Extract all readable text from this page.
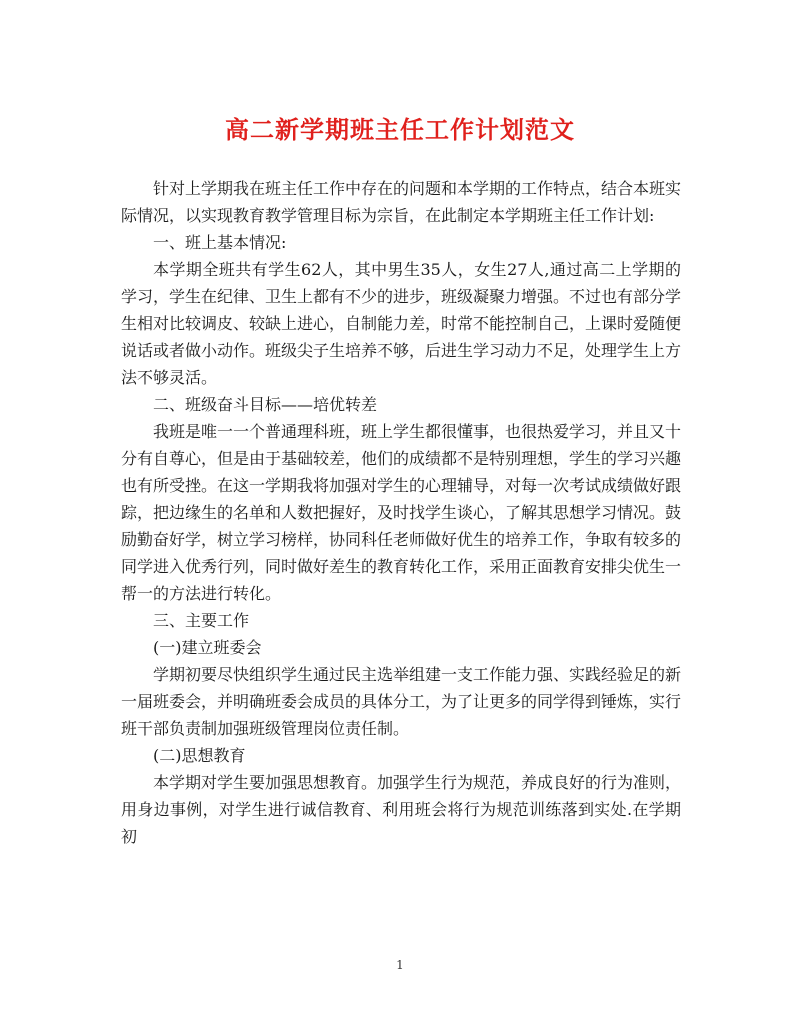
高二新学期班主任工作计划范文

针对上学期我在班主任工作中存在的问题和本学期的工作特点，结合本班实际情况，以实现教育教学管理目标为宗旨，在此制定本学期班主任工作计划:

一、班上基本情况:

本学期全班共有学生62人，其中男生35人，女生27人,通过高二上学期的学习，学生在纪律、卫生上都有不少的进步，班级凝聚力增强。不过也有部分学生相对比较调皮、较缺上进心，自制能力差，时常不能控制自己，上课时爱随便说话或者做小动作。班级尖子生培养不够，后进生学习动力不足，处理学生上方法不够灵活。

二、班级奋斗目标——培优转差

我班是唯一一个普通理科班，班上学生都很懂事，也很热爱学习，并且又十分有自尊心，但是由于基础较差，他们的成绩都不是特别理想，学生的学习兴趣也有所受挫。在这一学期我将加强对学生的心理辅导，对每一次考试成绩做好跟踪，把边缘生的名单和人数把握好，及时找学生谈心，了解其思想学习情况。鼓励勤奋好学，树立学习榜样，协同科任老师做好优生的培养工作，争取有较多的同学进入优秀行列，同时做好差生的教育转化工作，采用正面教育安排尖优生一帮一的方法进行转化。

三、主要工作

(一)建立班委会

学期初要尽快组织学生通过民主选举组建一支工作能力强、实践经验足的新一届班委会，并明确班委会成员的具体分工，为了让更多的同学得到锤炼，实行班干部负责制加强班级管理岗位责任制。

(二)思想教育

本学期对学生要加强思想教育。加强学生行为规范，养成良好的行为准则，用身边事例，对学生进行诚信教育、利用班会将行为规范训练落到实处.在学期初

1
